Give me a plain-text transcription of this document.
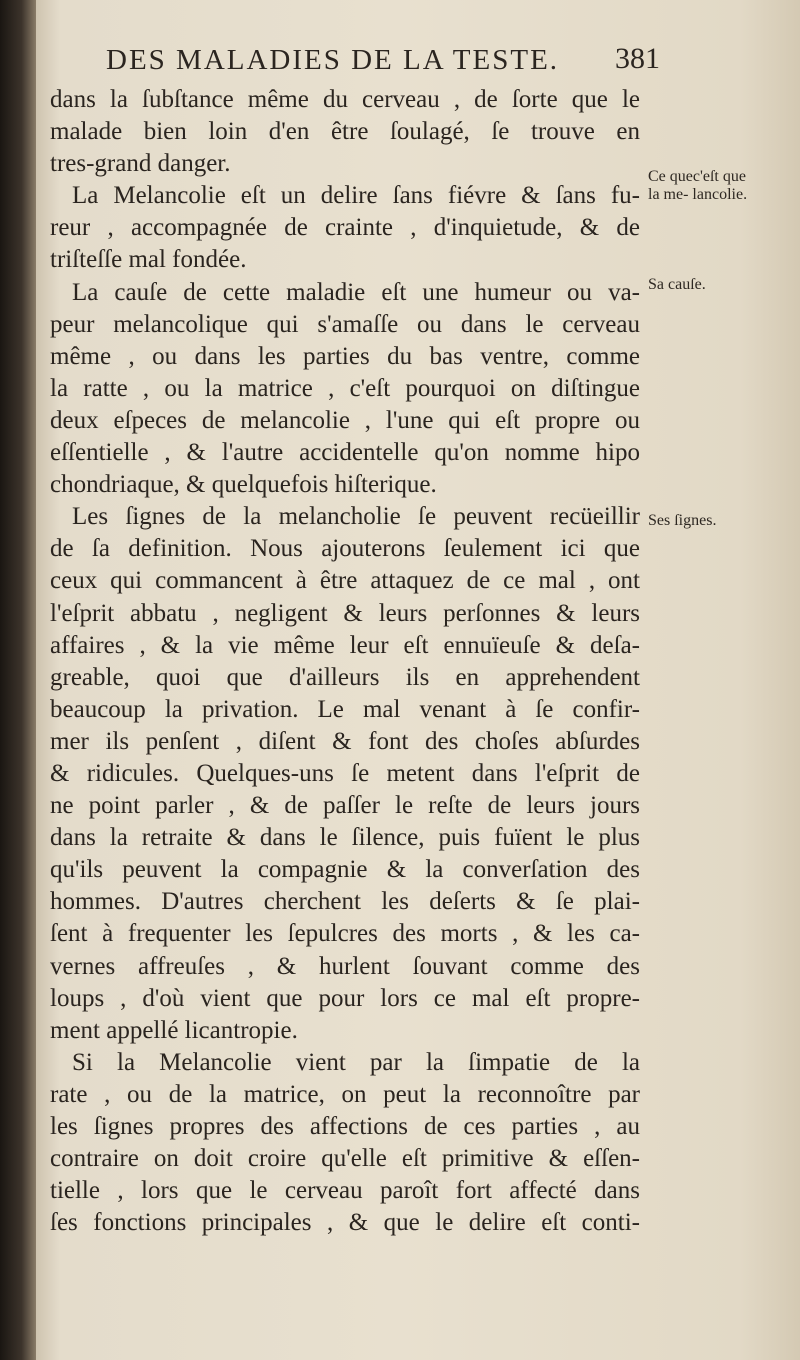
DES MALADIES DE LA TESTE. 381
dans la ſubſtance même du cerveau , de ſorte que le
malade bien loin d'en être ſoulagé, ſe trouve en
tres-grand danger.
La Melancolie eſt un delire ſans fiévre & ſans fu-
reur , accompagnée de crainte , d'inquietude, & de
triſteſſe mal fondée.
La cauſe de cette maladie eſt une humeur ou va-
peur melancolique qui s'amaſſe ou dans le cerveau
même , ou dans les parties du bas ventre, comme
la ratte , ou la matrice , c'eſt pourquoi on diſtingue
deux eſpeces de melancolie , l'une qui eſt propre ou
eſſentielle , & l'autre accidentelle qu'on nomme hipo
chondriaque, & quelquefois hiſterique.
Les ſignes de la melancholie ſe peuvent recüeillir
de ſa definition. Nous ajouterons ſeulement ici que
ceux qui commancent à être attaquez de ce mal , ont
l'eſprit abbatu , negligent & leurs perſonnes & leurs
affaires , & la vie même leur eſt ennuïeuſe & deſa-
greable, quoi que d'ailleurs ils en apprehendent
beaucoup la privation. Le mal venant à ſe confir-
mer ils penſent , diſent & font des choſes abſurdes
& ridicules. Quelques-uns ſe metent dans l'eſprit de
ne point parler , & de paſſer le reſte de leurs jours
dans la retraite & dans le ſilence, puis fuïent le plus
qu'ils peuvent la compagnie & la converſation des
hommes. D'autres cherchent les deſerts & ſe plai-
ſent à frequenter les ſepulcres des morts , & les ca-
vernes affreuſes , & hurlent ſouvant comme des
loups , d'où vient que pour lors ce mal eſt propre-
ment appellé licantropie.
Si la Melancolie vient par la ſimpatie de la
rate , ou de la matrice, on peut la reconnoître par
les ſignes propres des affections de ces parties , au
contraire on doit croire qu'elle eſt primitive & eſſen-
tielle , lors que le cerveau paroît fort affecté dans
ſes fonctions principales , & que le delire eſt conti-
Ce quec'eſt que la me- lancolie.
Sa cauſe.
Ses ſignes.
